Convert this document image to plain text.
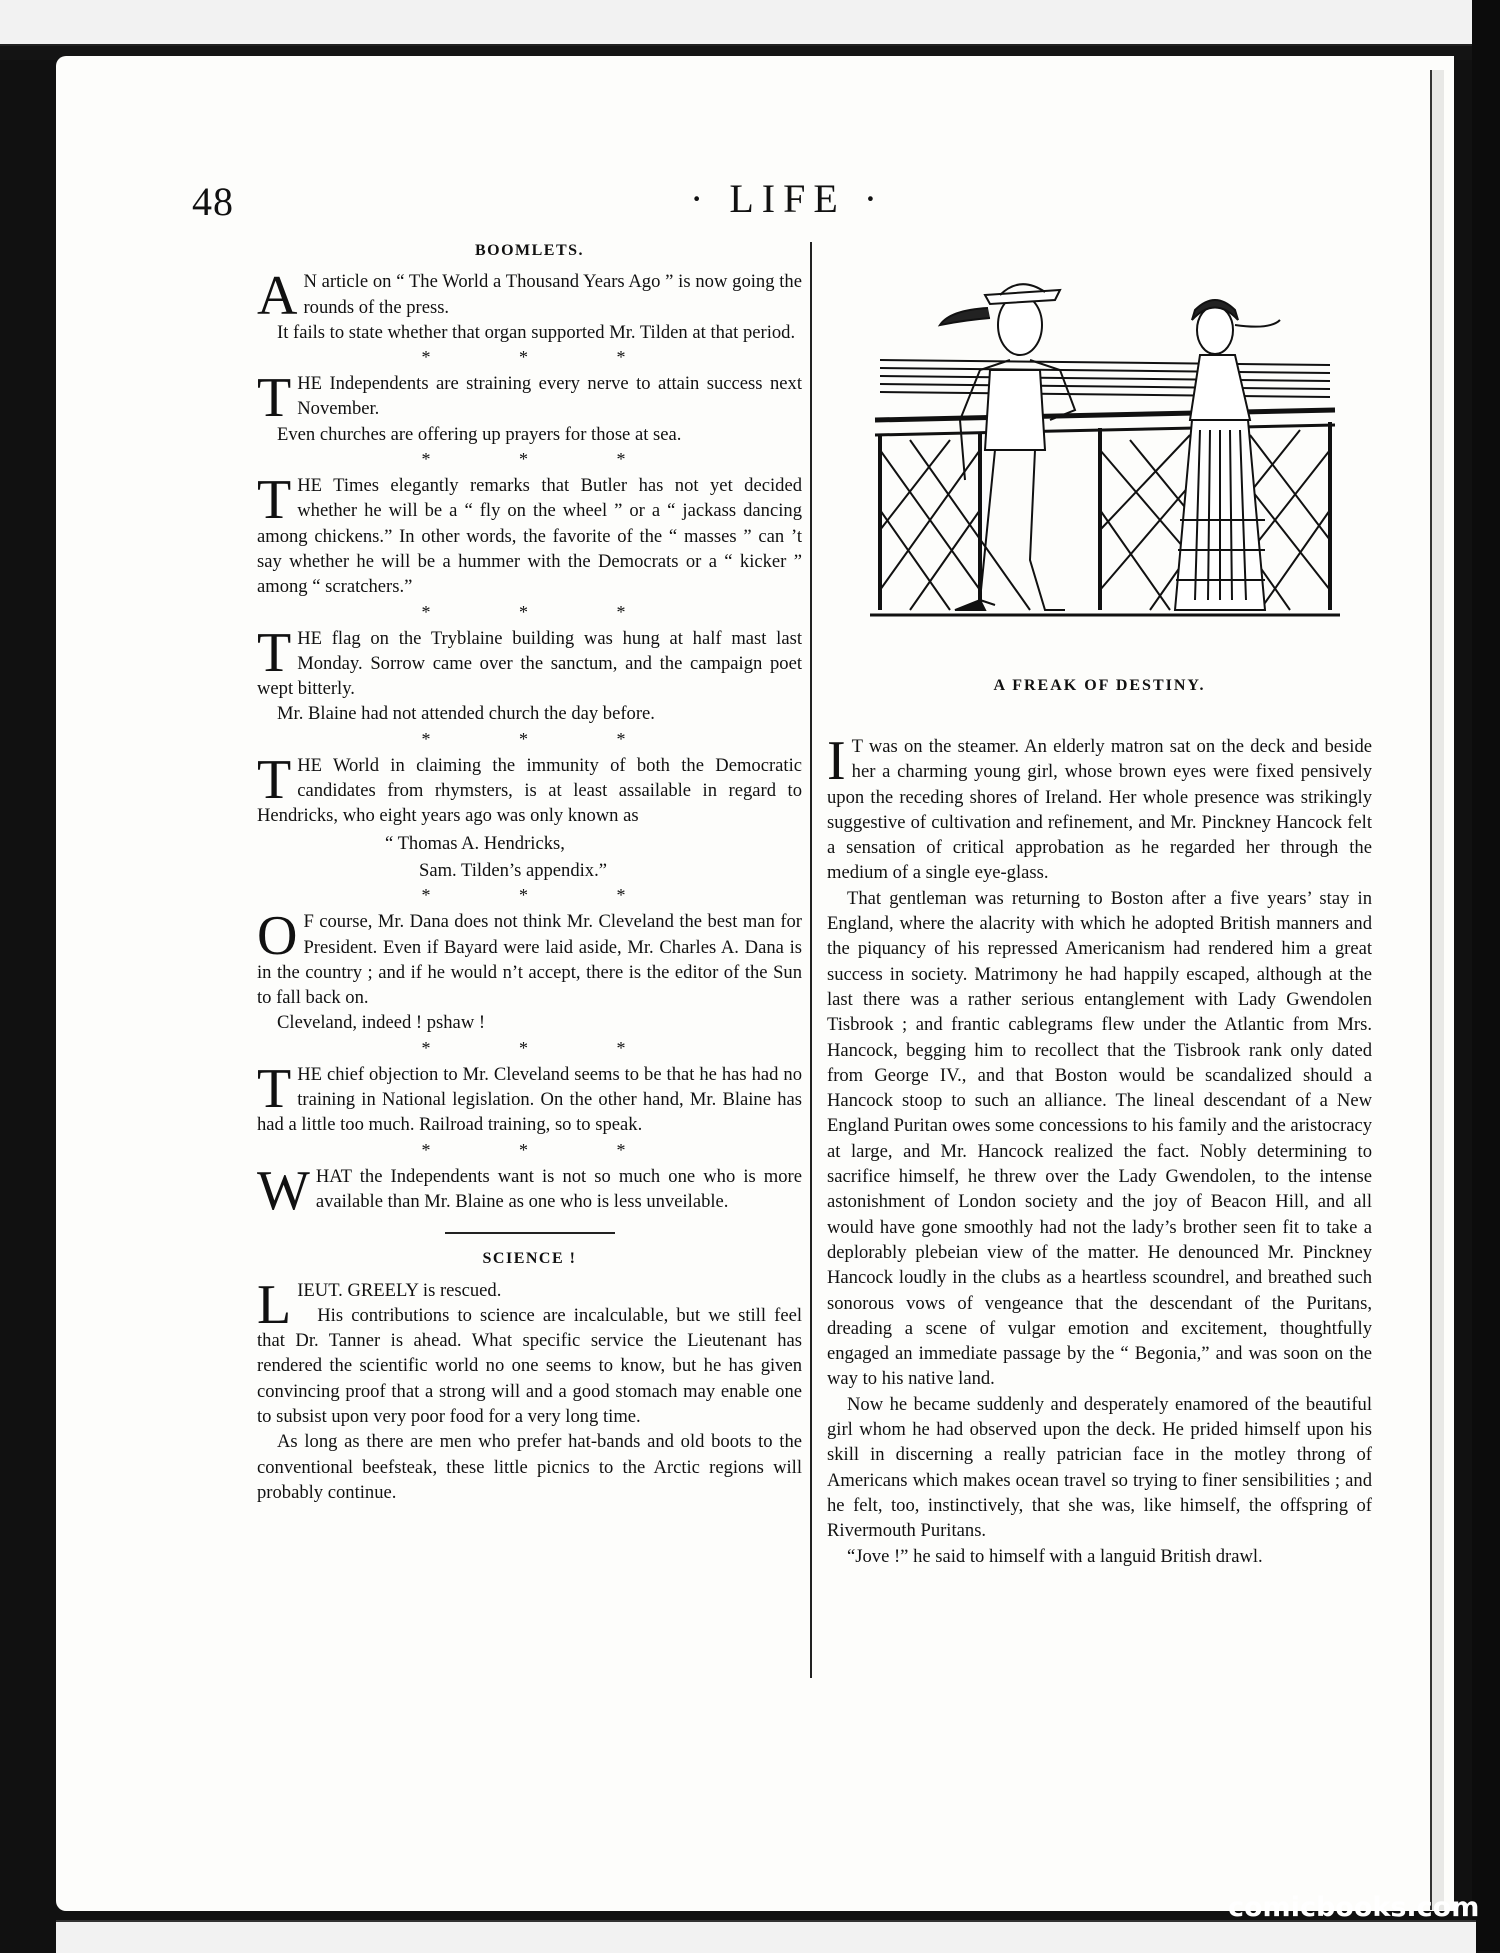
48	· LIFE ·
BOOMLETS.
A N article on “ The World a Thousand Years Ago ” is now going the rounds of the press.

It fails to state whether that organ supported Mr. Tilden at that period.

* * *
T HE Independents are straining every nerve to attain success next November.

Even churches are offering up prayers for those at sea.

* * *
T HE Times elegantly remarks that Butler has not yet decided whether he will be a “ fly on the wheel ” or a “ jackass dancing among chickens.” In other words, the favorite of the “ masses ” can ’t say whether he will be a hummer with the Democrats or a “ kicker ” among “ scratchers.”

* * *
T HE flag on the Tryblaine building was hung at half mast last Monday. Sorrow came over the sanctum, and the campaign poet wept bitterly.

Mr. Blaine had not attended church the day before.

* * *
T HE World in claiming the immunity of both the Democratic candidates from rhymsters, is at least assailable in regard to Hendricks, who eight years ago was only known as

“ Thomas A. Hendricks,

Sam. Tilden’s appendix.”

* * *
O F course, Mr. Dana does not think Mr. Cleveland the best man for President. Even if Bayard were laid aside, Mr. Charles A. Dana is in the country ; and if he would n’t accept, there is the editor of the Sun to fall back on.

Cleveland, indeed ! pshaw !

* * *
T HE chief objection to Mr. Cleveland seems to be that he has had no training in National legislation. On the other hand, Mr. Blaine has had a little too much. Railroad training, so to speak.

* * *
W HAT the Independents want is not so much one who is more available than Mr. Blaine as one who is less unveilable.

SCIENCE !
L IEUT. GREELY is rescued.

His contributions to science are incalculable, but we still feel that Dr. Tanner is ahead. What specific service the Lieutenant has rendered the scientific world no one seems to know, but he has given convincing proof that a strong will and a good stomach may enable one to subsist upon very poor food for a very long time.

As long as there are men who prefer hat-bands and old boots to the conventional beefsteak, these little picnics to the Arctic regions will probably continue.

A FREAK OF DESTINY.
I T was on the steamer. An elderly matron sat on the deck and beside her a charming young girl, whose brown eyes were fixed pensively upon the receding shores of Ireland. Her whole presence was strikingly suggestive of cultivation and refinement, and Mr. Pinckney Hancock felt a sensation of critical approbation as he regarded her through the medium of a single eye-glass.

That gentleman was returning to Boston after a five years’ stay in England, where the alacrity with which he adopted British manners and the piquancy of his repressed Americanism had rendered him a great success in society. Matrimony he had happily escaped, although at the last there was a rather serious entanglement with Lady Gwendolen Tisbrook ; and frantic cablegrams flew under the Atlantic from Mrs. Hancock, begging him to recollect that the Tisbrook rank only dated from George IV., and that Boston would be scandalized should a Hancock stoop to such an alliance. The lineal descendant of a New England Puritan owes some concessions to his family and the aristocracy at large, and Mr. Hancock realized the fact. Nobly determining to sacrifice himself, he threw over the Lady Gwendolen, to the intense astonishment of London society and the joy of Beacon Hill, and all would have gone smoothly had not the lady’s brother seen fit to take a deplorably plebeian view of the matter. He denounced Mr. Pinckney Hancock loudly in the clubs as a heartless scoundrel, and breathed such sonorous vows of vengeance that the descendant of the Puritans, dreading a scene of vulgar emotion and excitement, thoughtfully engaged an immediate passage by the “ Begonia,” and was soon on the way to his native land.

Now he became suddenly and desperately enamored of the beautiful girl whom he had observed upon the deck. He prided himself upon his skill in discerning a really patrician face in the motley throng of Americans which makes ocean travel so trying to finer sensibilities ; and he felt, too, instinctively, that she was, like himself, the offspring of Rivermouth Puritans.

“Jove !” he said to himself with a languid British drawl.

comicbooks.com
